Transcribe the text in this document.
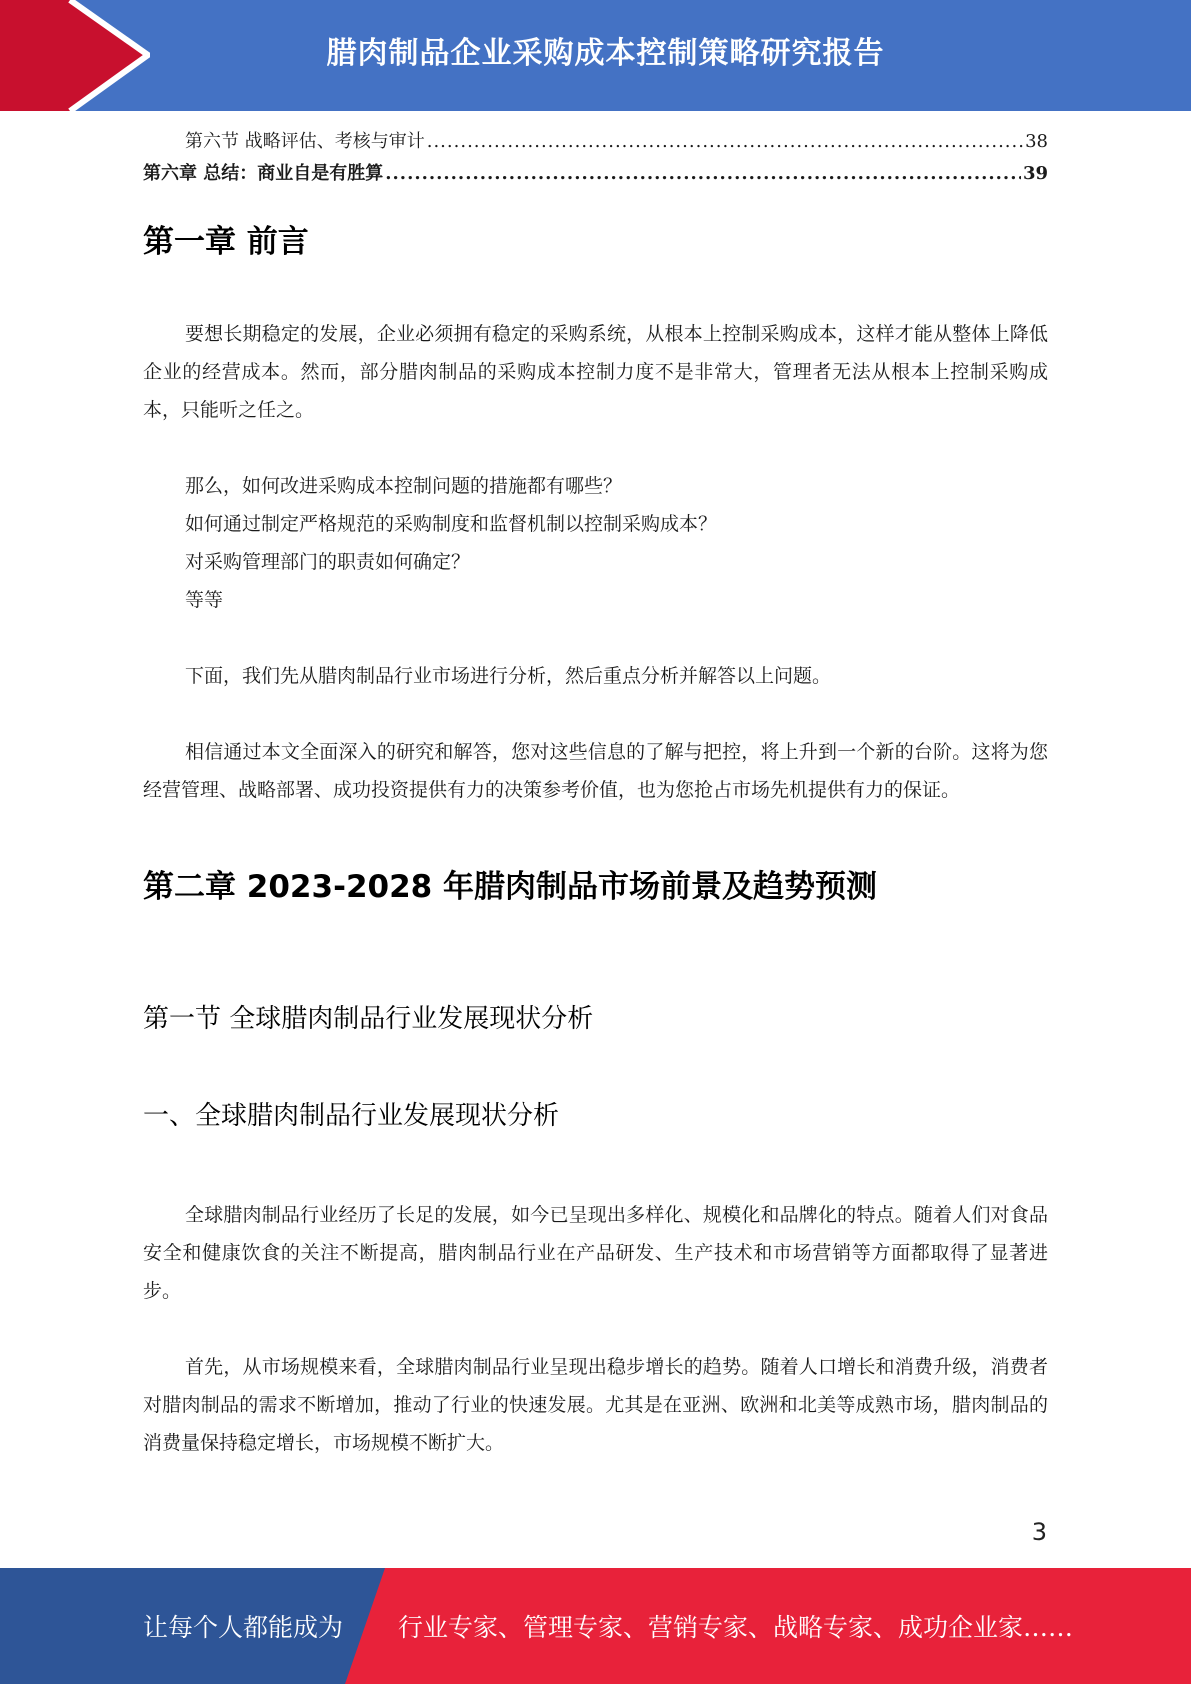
腊肉制品企业采购成本控制策略研究报告
第六节 战略评估、考核与审计 .....	38
第六章 总结：商业自是有胜算 .....	39
第一章 前言

要想长期稳定的发展，企业必须拥有稳定的采购系统，从根本上控制采购成本，这样才能从整体上降低企业的经营成本。然而，部分腊肉制品的采购成本控制力度不是非常大，管理者无法从根本上控制采购成本，只能听之任之。

那么，如何改进采购成本控制问题的措施都有哪些？

如何通过制定严格规范的采购制度和监督机制以控制采购成本？

对采购管理部门的职责如何确定？

等等

下面，我们先从腊肉制品行业市场进行分析，然后重点分析并解答以上问题。

相信通过本文全面深入的研究和解答，您对这些信息的了解与把控，将上升到一个新的台阶。这将为您经营管理、战略部署、成功投资提供有力的决策参考价值，也为您抢占市场先机提供有力的保证。

第二章 2023-2028 年腊肉制品市场前景及趋势预测
第一节 全球腊肉制品行业发展现状分析
一、全球腊肉制品行业发展现状分析

全球腊肉制品行业经历了长足的发展，如今已呈现出多样化、规模化和品牌化的特点。随着人们对食品安全和健康饮食的关注不断提高，腊肉制品行业在产品研发、生产技术和市场营销等方面都取得了显著进步。

首先，从市场规模来看，全球腊肉制品行业呈现出稳步增长的趋势。随着人口增长和消费升级，消费者对腊肉制品的需求不断增加，推动了行业的快速发展。尤其是在亚洲、欧洲和北美等成熟市场，腊肉制品的消费量保持稳定增长，市场规模不断扩大。

3
让每个人都能成为 行业专家、管理专家、营销专家、战略专家、成功企业家……
